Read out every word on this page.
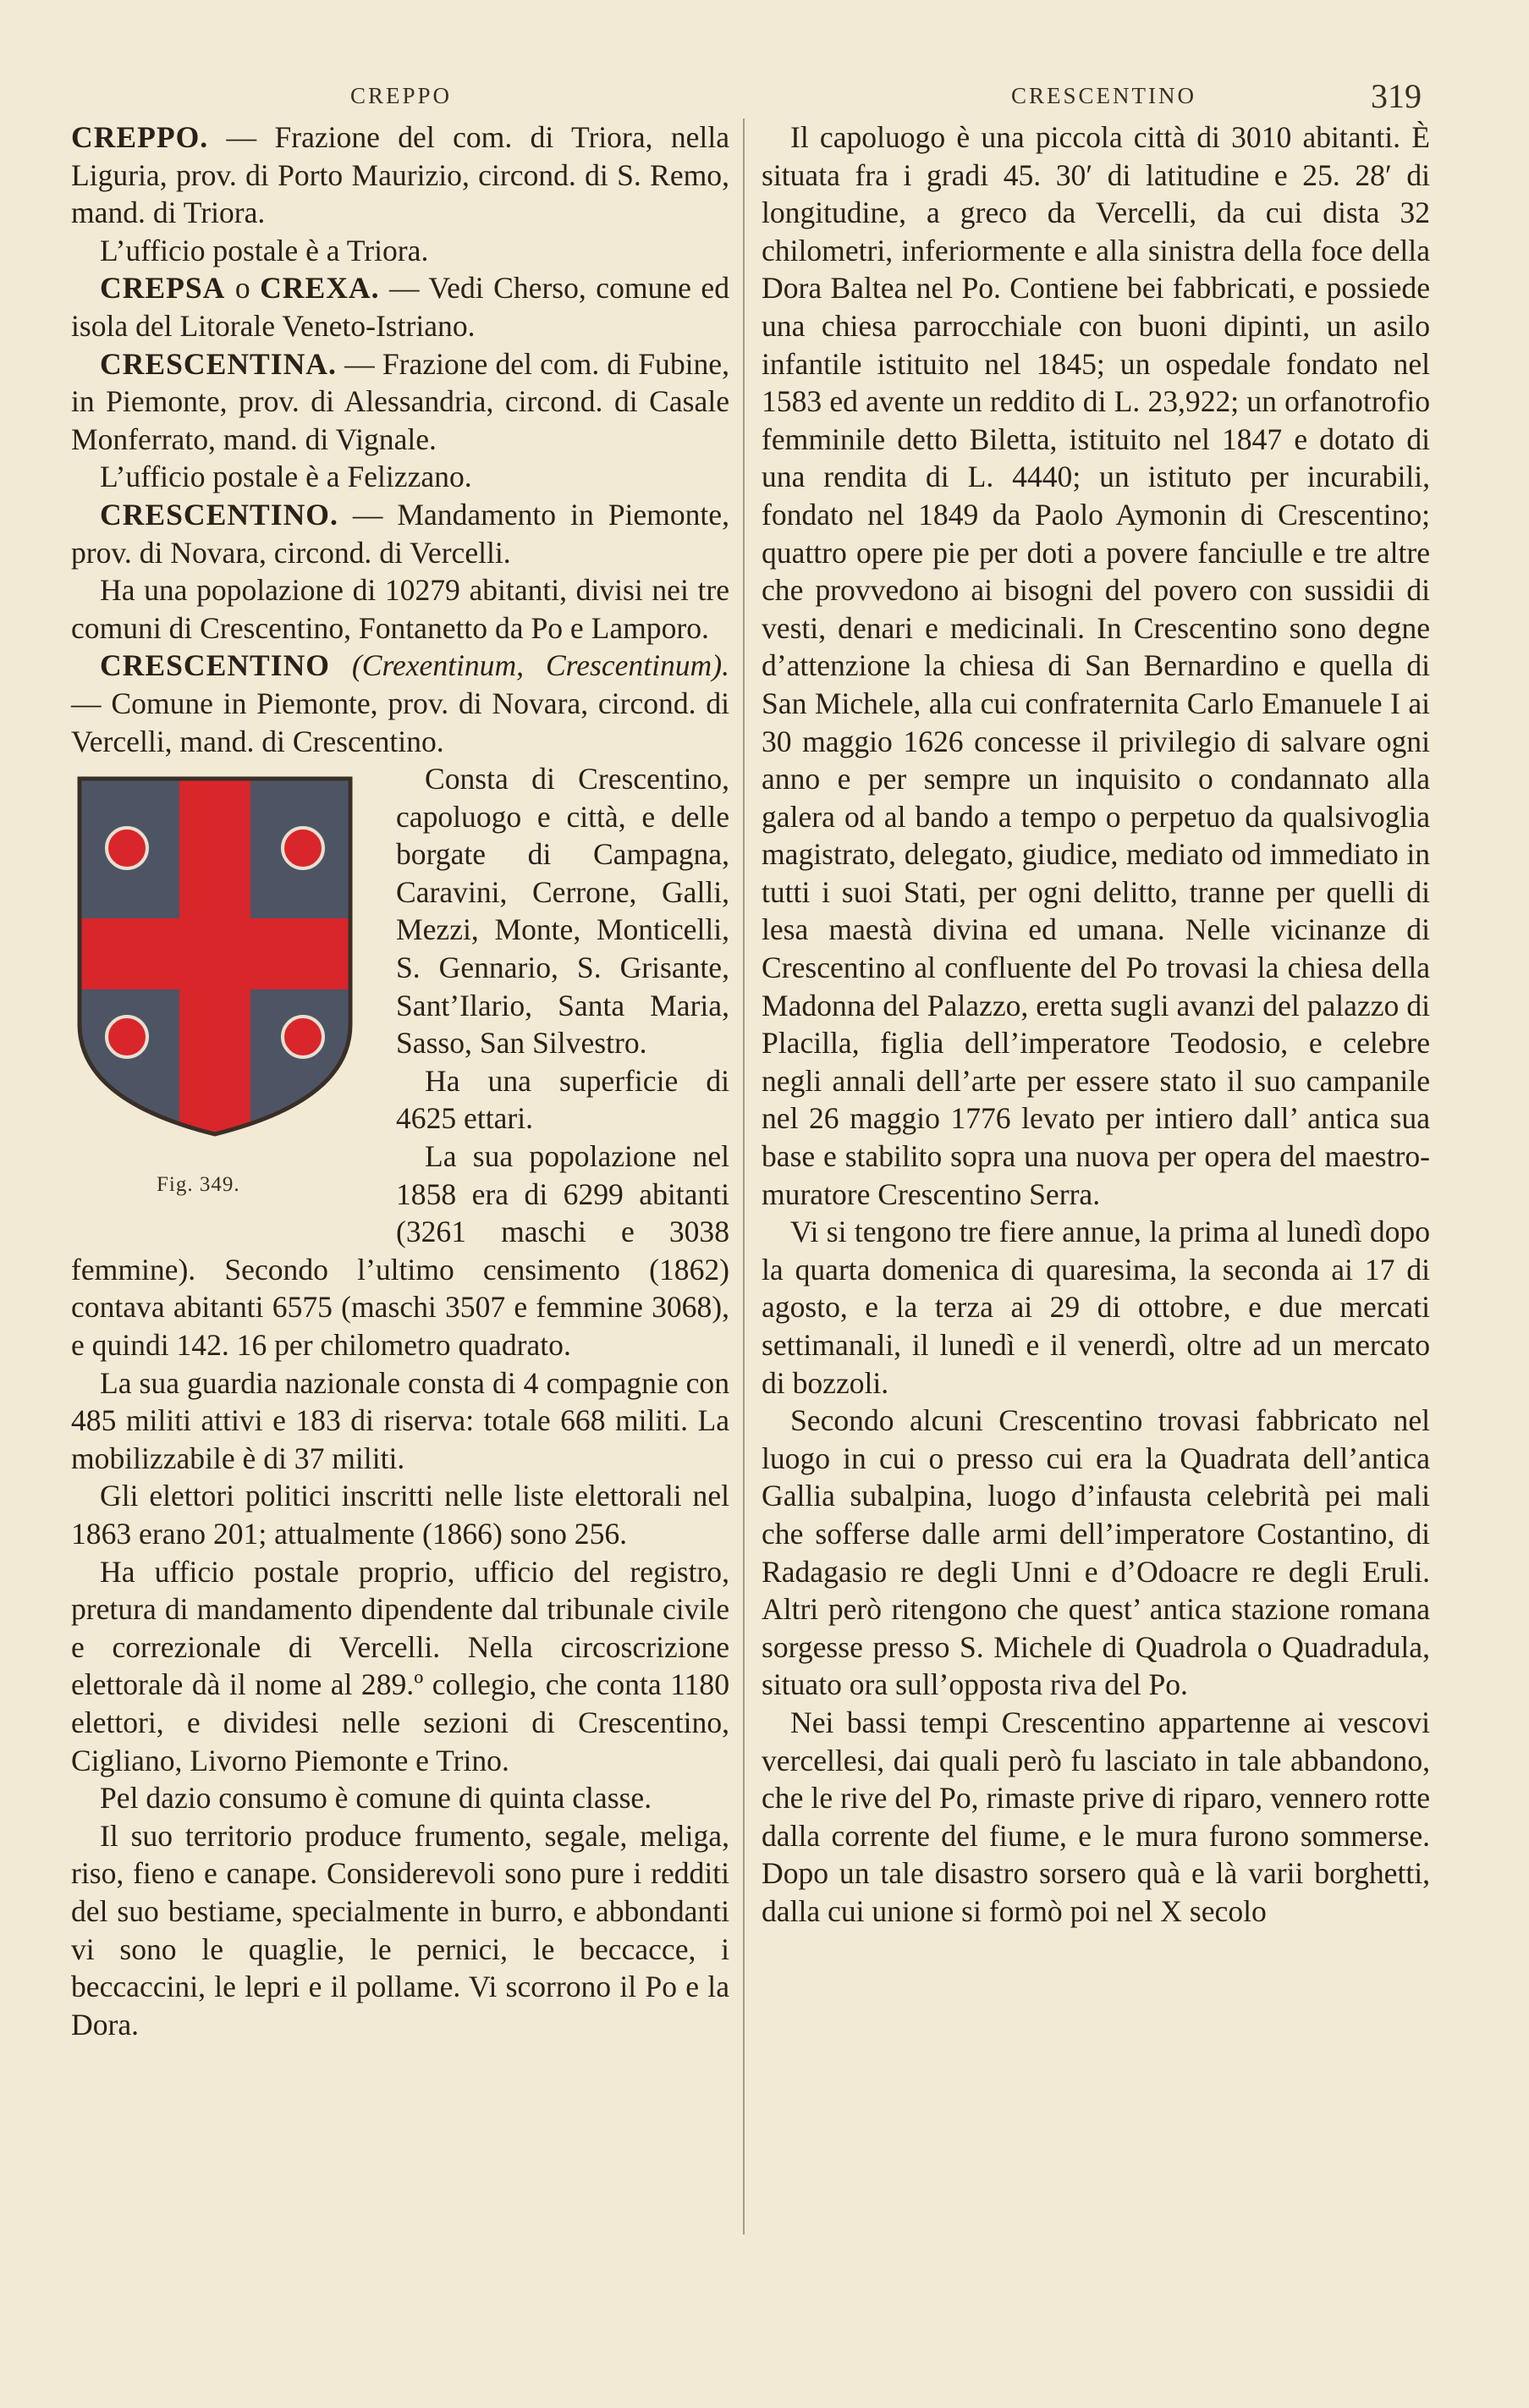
CREPPO	CRESCENTINO	319

CREPPO. — Frazione del com. di Triora, nella Liguria, prov. di Porto Maurizio, circond. di S. Remo, mand. di Triora.

L’ufficio postale è a Triora.

CREPSA o CREXA. — Vedi Cherso, comune ed isola del Litorale Veneto-Istriano.

CRESCENTINA. — Frazione del com. di Fubine, in Piemonte, prov. di Alessandria, circond. di Casale Monferrato, mand. di Vignale.

L’ufficio postale è a Felizzano.

CRESCENTINO. — Mandamento in Piemonte, prov. di Novara, circond. di Vercelli.

Ha una popolazione di 10279 abitanti, divisi nei tre comuni di Crescentino, Fontanetto da Po e Lamporo.

CRESCENTINO (Crexentinum, Crescentinum). — Comune in Piemonte, prov. di Novara, circond. di Vercelli, mand. di Crescentino.

Fig. 349.

Consta di Crescentino, capoluogo e città, e delle borgate di Campagna, Caravini, Cerrone, Galli, Mezzi, Monte, Monticelli, S. Gennario, S. Grisante, Sant’Ilario, Santa Maria, Sasso, San Silvestro.

Ha una superficie di 4625 ettari.

La sua popolazione nel 1858 era di 6299 abitanti (3261 maschi e 3038 femmine). Secondo l’ultimo censimento (1862) contava abitanti 6575 (maschi 3507 e femmine 3068), e quindi 142. 16 per chilometro quadrato.

La sua guardia nazionale consta di 4 compagnie con 485 militi attivi e 183 di riserva: totale 668 militi. La mobilizzabile è di 37 militi.

Gli elettori politici inscritti nelle liste elettorali nel 1863 erano 201; attualmente (1866) sono 256.

Ha ufficio postale proprio, ufficio del registro, pretura di mandamento dipendente dal tribunale civile e correzionale di Vercelli. Nella circoscrizione elettorale dà il nome al 289.º collegio, che conta 1180 elettori, e dividesi nelle sezioni di Crescentino, Cigliano, Livorno Piemonte e Trino.

Pel dazio consumo è comune di quinta classe.

Il suo territorio produce frumento, segale, meliga, riso, fieno e canape. Considerevoli sono pure i redditi del suo bestiame, specialmente in burro, e abbondanti vi sono le quaglie, le pernici, le beccacce, i beccaccini, le lepri e il pollame. Vi scorrono il Po e la Dora.

Il capoluogo è una piccola città di 3010 abitanti. È situata fra i gradi 45. 30′ di latitudine e 25. 28′ di longitudine, a greco da Vercelli, da cui dista 32 chilometri, inferiormente e alla sinistra della foce della Dora Baltea nel Po. Contiene bei fabbricati, e possiede una chiesa parrocchiale con buoni dipinti, un asilo infantile istituito nel 1845; un ospedale fondato nel 1583 ed avente un reddito di L. 23,922; un orfanotrofio femminile detto Biletta, istituito nel 1847 e dotato di una rendita di L. 4440; un istituto per incurabili, fondato nel 1849 da Paolo Aymonin di Crescentino; quattro opere pie per doti a povere fanciulle e tre altre che provvedono ai bisogni del povero con sussidii di vesti, denari e medicinali. In Crescentino sono degne d’attenzione la chiesa di San Bernardino e quella di San Michele, alla cui confraternita Carlo Emanuele I ai 30 maggio 1626 concesse il privilegio di salvare ogni anno e per sempre un inquisito o condannato alla galera od al bando a tempo o perpetuo da qualsivoglia magistrato, delegato, giudice, mediato od immediato in tutti i suoi Stati, per ogni delitto, tranne per quelli di lesa maestà divina ed umana. Nelle vicinanze di Crescentino al confluente del Po trovasi la chiesa della Madonna del Palazzo, eretta sugli avanzi del palazzo di Placilla, figlia dell’imperatore Teodosio, e celebre negli annali dell’arte per essere stato il suo campanile nel 26 maggio 1776 levato per intiero dall’ antica sua base e stabilito sopra una nuova per opera del maestro-muratore Crescentino Serra.

Vi si tengono tre fiere annue, la prima al lunedì dopo la quarta domenica di quaresima, la seconda ai 17 di agosto, e la terza ai 29 di ottobre, e due mercati settimanali, il lunedì e il venerdì, oltre ad un mercato di bozzoli.

Secondo alcuni Crescentino trovasi fabbricato nel luogo in cui o presso cui era la Quadrata dell’antica Gallia subalpina, luogo d’infausta celebrità pei mali che sofferse dalle armi dell’imperatore Costantino, di Radagasio re degli Unni e d’Odoacre re degli Eruli. Altri però ritengono che quest’ antica stazione romana sorgesse presso S. Michele di Quadrola o Quadradula, situato ora sull’opposta riva del Po.

Nei bassi tempi Crescentino appartenne ai vescovi vercellesi, dai quali però fu lasciato in tale abbandono, che le rive del Po, rimaste prive di riparo, vennero rotte dalla corrente del fiume, e le mura furono sommerse. Dopo un tale disastro sorsero quà e là varii borghetti, dalla cui unione si formò poi nel X secolo
